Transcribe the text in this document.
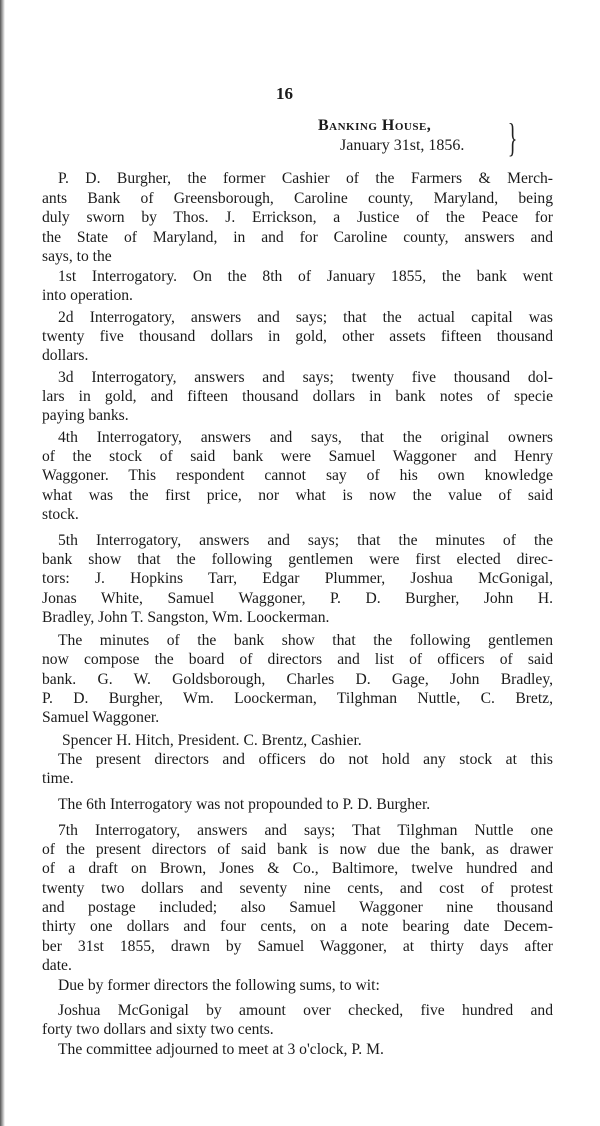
16
Banking House,
January 31st, 1856. }
P. D. Burgher, the former Cashier of the Farmers & Merch-
ants Bank of Greensborough, Caroline county, Maryland, being
duly sworn by Thos. J. Errickson, a Justice of the Peace for
the State of Maryland, in and for Caroline county, answers and
says, to the
1st Interrogatory. On the 8th of January 1855, the bank went
into operation.
2d Interrogatory, answers and says; that the actual capital was
twenty five thousand dollars in gold, other assets fifteen thousand
dollars.
3d Interrogatory, answers and says; twenty five thousand dol-
lars in gold, and fifteen thousand dollars in bank notes of specie
paying banks.
4th Interrogatory, answers and says, that the original owners
of the stock of said bank were Samuel Waggoner and Henry
Waggoner. This respondent cannot say of his own knowledge
what was the first price, nor what is now the value of said
stock.
5th Interrogatory, answers and says; that the minutes of the
bank show that the following gentlemen were first elected direc-
tors: J. Hopkins Tarr, Edgar Plummer, Joshua McGonigal,
Jonas White, Samuel Waggoner, P. D. Burgher, John H.
Bradley, John T. Sangston, Wm. Loockerman.
The minutes of the bank show that the following gentlemen
now compose the board of directors and list of officers of said
bank. G. W. Goldsborough, Charles D. Gage, John Bradley,
P. D. Burgher, Wm. Loockerman, Tilghman Nuttle, C. Bretz,
Samuel Waggoner.
Spencer H. Hitch, President. C. Brentz, Cashier.
The present directors and officers do not hold any stock at this
time.
The 6th Interrogatory was not propounded to P. D. Burgher.
7th Interrogatory, answers and says; That Tilghman Nuttle one
of the present directors of said bank is now due the bank, as drawer
of a draft on Brown, Jones & Co., Baltimore, twelve hundred and
twenty two dollars and seventy nine cents, and cost of protest
and postage included; also Samuel Waggoner nine thousand
thirty one dollars and four cents, on a note bearing date Decem-
ber 31st 1855, drawn by Samuel Waggoner, at thirty days after
date.
Due by former directors the following sums, to wit:
Joshua McGonigal by amount over checked, five hundred and
forty two dollars and sixty two cents.
The committee adjourned to meet at 3 o'clock, P. M.
